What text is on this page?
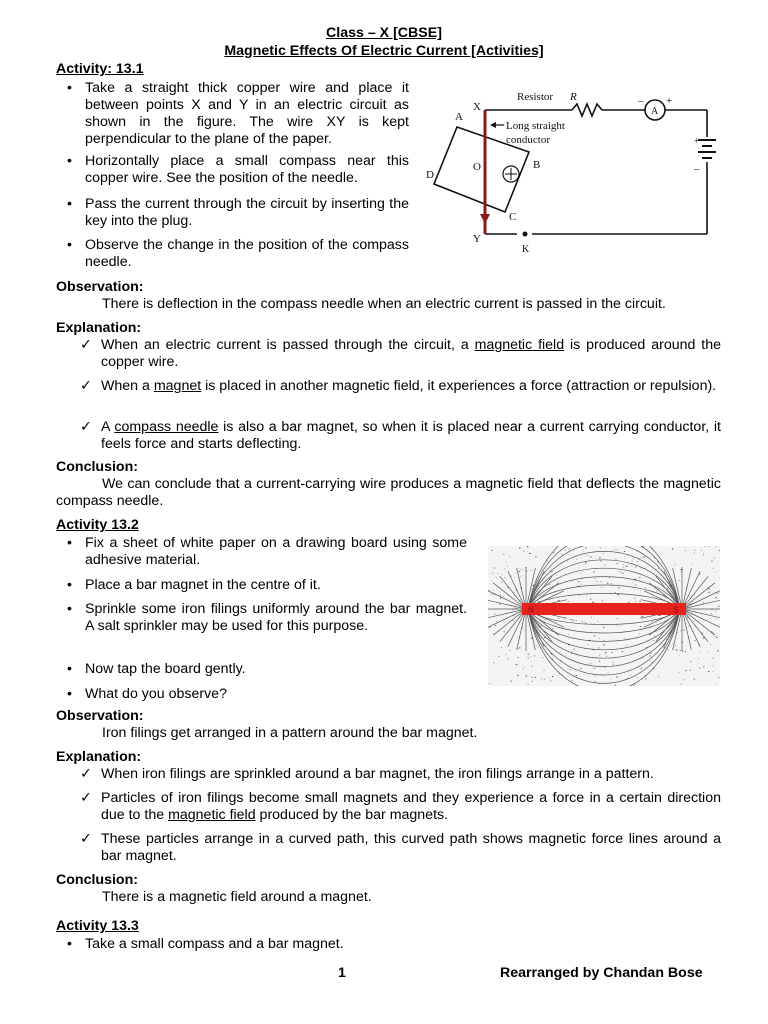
Class – X [CBSE]
Magnetic Effects Of Electric Current [Activities]
Activity: 13.1
Take a straight thick copper wire and place it between points X and Y in an electric circuit as shown in the figure. The wire XY is kept perpendicular to the plane of the paper.
Horizontally place a small compass near this copper wire. See the position of the needle.
Pass the current through the circuit by inserting the key into the plug.
Observe the change in the position of the compass needle.
Resistor R
A
– +
+
–
Long straight
conductor
X
Y
A
B
C
D
O
K
Observation:
There is deflection in the compass needle when an electric current is passed in the circuit.
Explanation:
✓ When an electric current is passed through the circuit, a magnetic field is produced around the copper wire.
✓ When a magnet is placed in another magnetic field, it experiences a force (attraction or repulsion).
✓ A compass needle is also a bar magnet, so when it is placed near a current carrying conductor, it feels force and starts deflecting.
Conclusion:
We can conclude that a current-carrying wire produces a magnetic field that deflects the magnetic compass needle.
Activity 13.2
Fix a sheet of white paper on a drawing board using some adhesive material.
Place a bar magnet in the centre of it.
Sprinkle some iron filings uniformly around the bar magnet. A salt sprinkler may be used for this purpose.
Now tap the board gently.
What do you observe?
N	S
Observation:
Iron filings get arranged in a pattern around the bar magnet.
Explanation:
✓ When iron filings are sprinkled around a bar magnet, the iron filings arrange in a pattern.
✓ Particles of iron filings become small magnets and they experience a force in a certain direction due to the magnetic field produced by the bar magnets.
✓ These particles arrange in a curved path, this curved path shows magnetic force lines around a bar magnet.
Conclusion:
There is a magnetic field around a magnet.
Activity 13.3
Take a small compass and a bar magnet.
1	Rearranged by Chandan Bose
